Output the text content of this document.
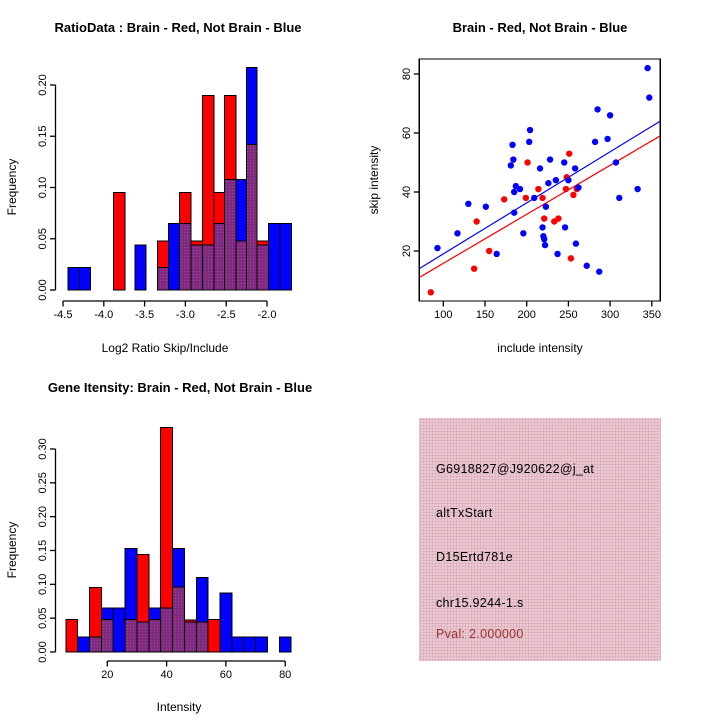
0.00
0.05
0.10
0.15
0.20
Frequency
-4.5 -4.0 -3.5 -3.0 -2.5 -2.0
Log2 Ratio Skip/Include
RatioData : Brain - Red, Not Brain - Blue
100 150 200 250 300 350
20
40
60
80
include intensity
skip intensity
Brain - Red, Not Brain - Blue
0.00
0.05
0.10
0.15
0.20
0.25
0.30
Frequency
20	40	60	80
Intensity
Gene Itensity: Brain - Red, Not Brain - Blue
G6918827@J920622@j_at
altTxStart
D15Ertd781e
chr15.9244-1.s
Pval: 2.000000
